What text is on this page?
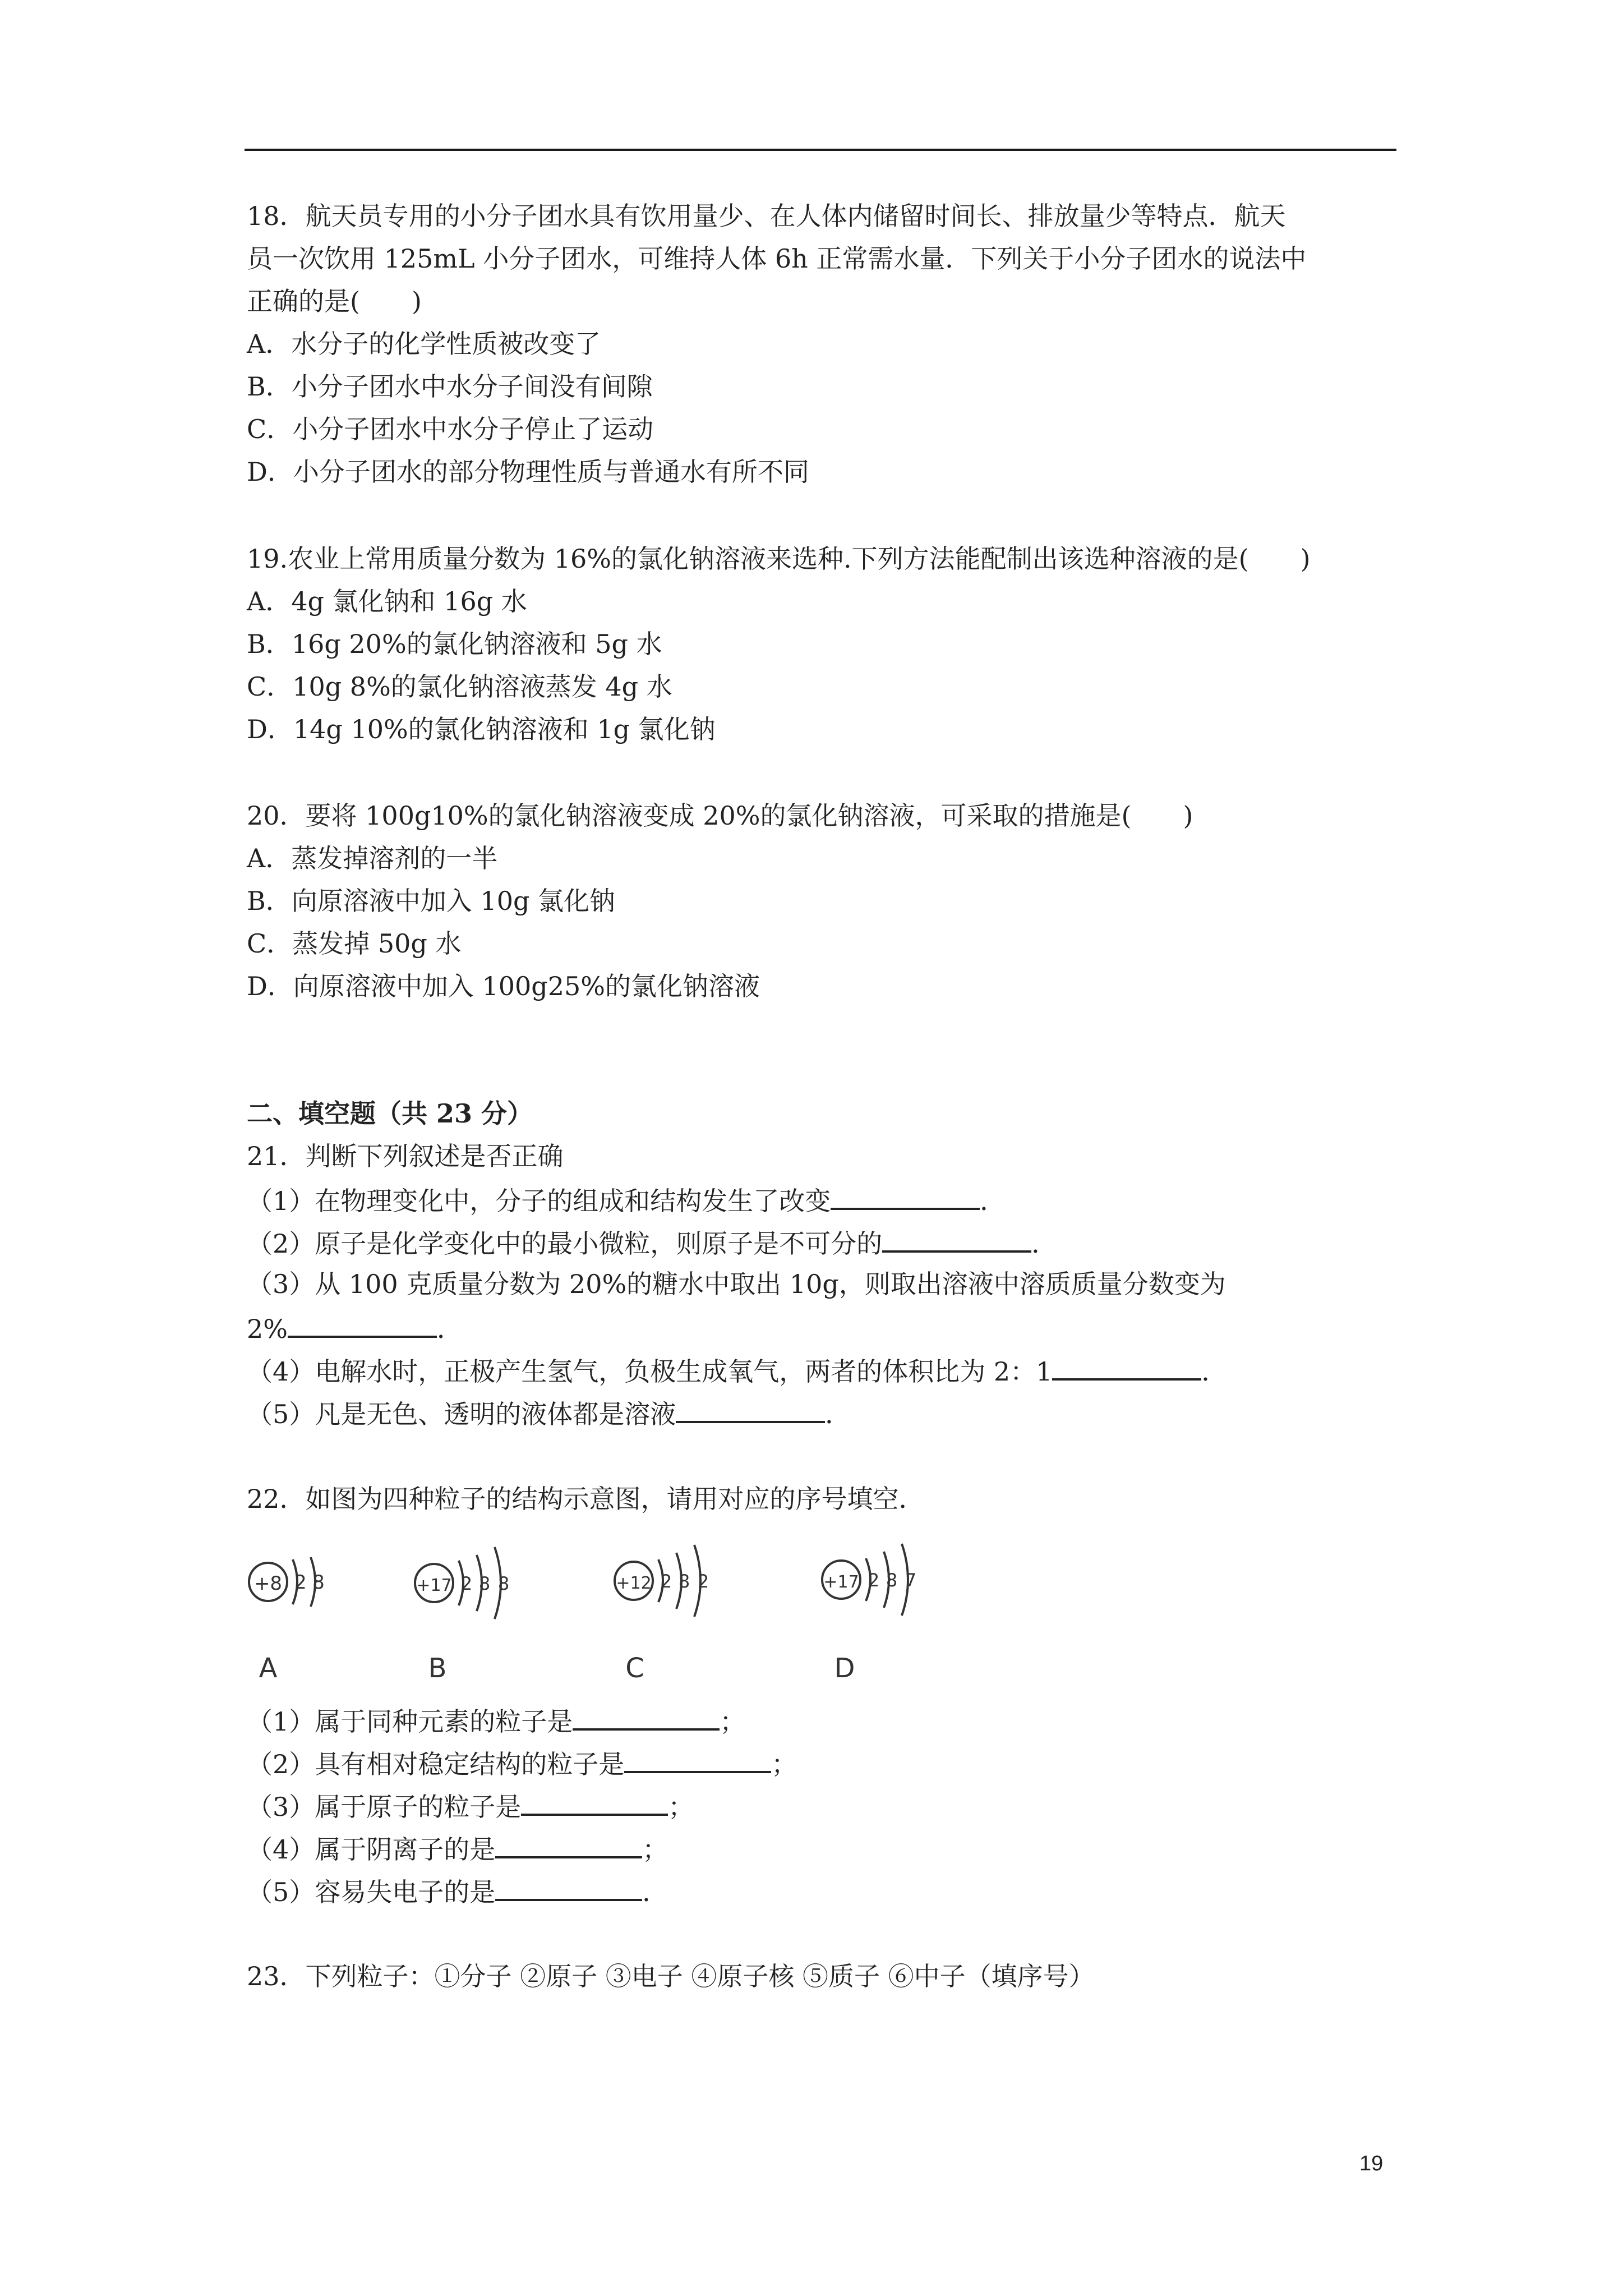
18．航天员专用的小分子团水具有饮用量少、在人体内储留时间长、排放量少等特点．航天
员一次饮用 125mL 小分子团水，可维持人体 6h 正常需水量．下列关于小分子团水的说法中
正确的是(　　)
A．水分子的化学性质被改变了
B．小分子团水中水分子间没有间隙
C．小分子团水中水分子停止了运动
D．小分子团水的部分物理性质与普通水有所不同
19.农业上常用质量分数为 16%的氯化钠溶液来选种.下列方法能配制出该选种溶液的是(　　)
A．4g 氯化钠和 16g 水
B．16g 20%的氯化钠溶液和 5g 水
C．10g 8%的氯化钠溶液蒸发 4g 水
D．14g 10%的氯化钠溶液和 1g 氯化钠
20．要将 100g10%的氯化钠溶液变成 20%的氯化钠溶液，可采取的措施是(　　)
A．蒸发掉溶剂的一半
B．向原溶液中加入 10g 氯化钠
C．蒸发掉 50g 水
D．向原溶液中加入 100g25%的氯化钠溶液
二、填空题（共 23 分）
21．判断下列叙述是否正确
（1）在物理变化中，分子的组成和结构发生了改变	．
（2）原子是化学变化中的最小微粒，则原子是不可分的	．
（3）从 100 克质量分数为 20%的糖水中取出 10g，则取出溶液中溶质质量分数变为
2%	．
（4）电解水时，正极产生氢气，负极生成氧气，两者的体积比为 2：1	．
（5）凡是无色、透明的液体都是溶液	．
22．如图为四种粒子的结构示意图，请用对应的序号填空．
+8 2 8
A
+17 2 8 8
B
+12 2 8 2
C
+17 2 8 7
D
（1）属于同种元素的粒子是	；
（2）具有相对稳定结构的粒子是	；
（3）属于原子的粒子是	；
（4）属于阴离子的是	；
（5）容易失电子的是	．
23．下列粒子：①分子 ②原子 ③电子 ④原子核 ⑤质子 ⑥中子（填序号）
19
